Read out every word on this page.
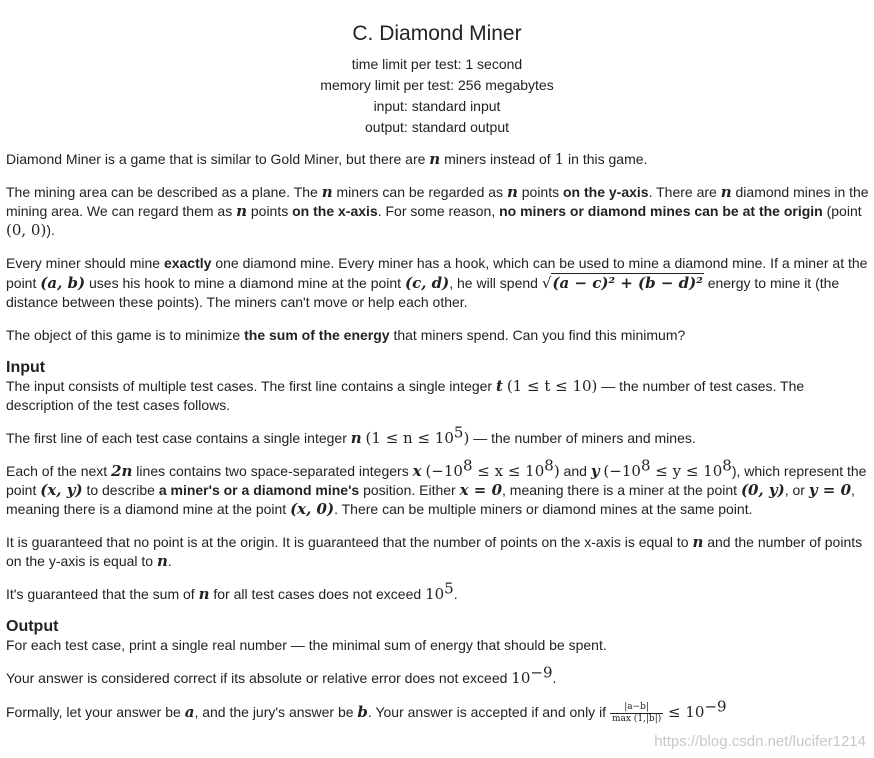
C. Diamond Miner
time limit per test: 1 second
memory limit per test: 256 megabytes
input: standard input
output: standard output

Diamond Miner is a game that is similar to Gold Miner, but there are n miners instead of 1 in this game.

The mining area can be described as a plane. The n miners can be regarded as n points on the y-axis. There are n diamond mines in the mining area. We can regard them as n points on the x-axis. For some reason, no miners or diamond mines can be at the origin (point (0, 0)).

Every miner should mine exactly one diamond mine. Every miner has a hook, which can be used to mine a diamond mine. If a miner at the point (a, b) uses his hook to mine a diamond mine at the point (c, d), he will spend √(a − c)² + (b − d)² energy to mine it (the distance between these points). The miners can't move or help each other.

The object of this game is to minimize the sum of the energy that miners spend. Can you find this minimum?

Input

The input consists of multiple test cases. The first line contains a single integer t (1 ≤ t ≤ 10) — the number of test cases. The description of the test cases follows.

The first line of each test case contains a single integer n $(1 \le n \le 10^5)$ — the number of miners and mines.

Each of the next 2n lines contains two space-separated integers x $(-10^8 \le x \le 10^8)$ and y $(-10^8 \le y \le 10^8)$, which represent the point (x, y) to describe a miner's or a diamond mine's position. Either x = 0, meaning there is a miner at the point (0, y), or y = 0, meaning there is a diamond mine at the point (x, 0). There can be multiple miners or diamond mines at the same point.

It is guaranteed that no point is at the origin. It is guaranteed that the number of points on the x-axis is equal to n and the number of points on the y-axis is equal to n.

It's guaranteed that the sum of n for all test cases does not exceed $10^5$.

Output

For each test case, print a single real number — the minimal sum of energy that should be spent.

Your answer is considered correct if its absolute or relative error does not exceed $10^{-9}$.

Formally, let your answer be a, and the jury's answer be b. Your answer is accepted if and only if $\frac{|a-b|}{\max (1,|b|)} \le 10^{-9}$

https://blog.csdn.net/lucifer1214
